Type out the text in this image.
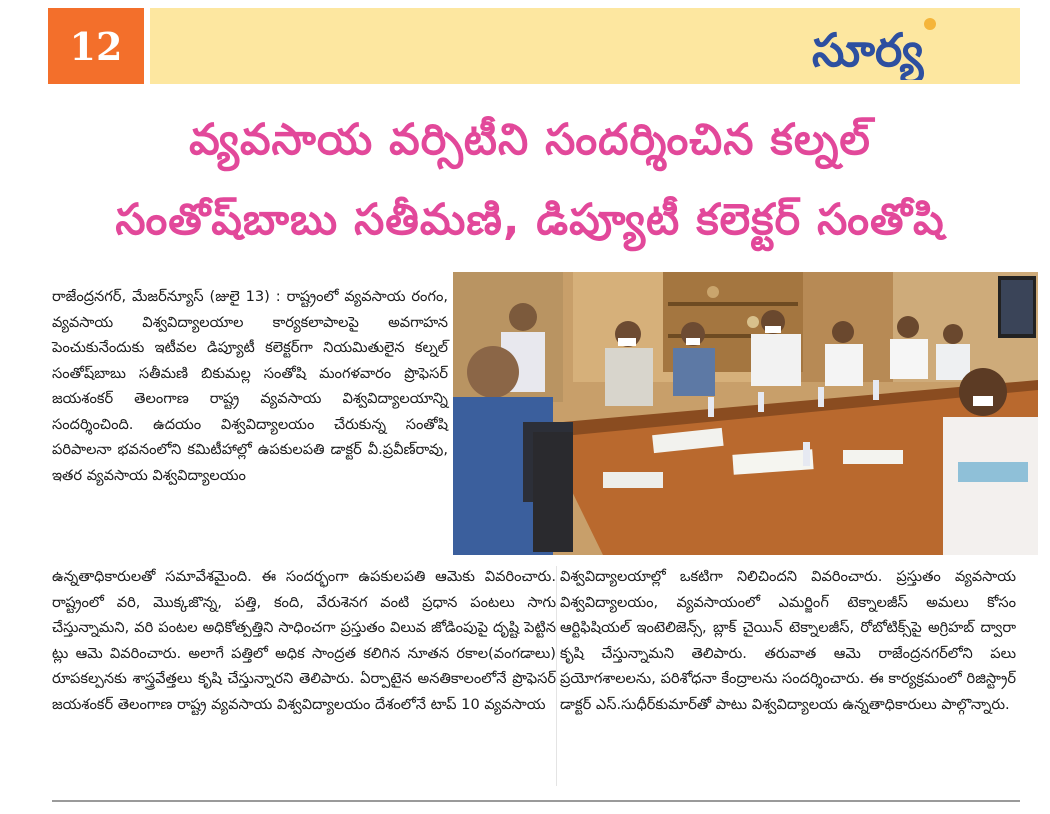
12	సూర్య
వ్యవసాయ వర్సిటీని సందర్శించిన కల్నల్
సంతోష్‌బాబు సతీమణి, డిప్యూటీ కలెక్టర్ సంతోషి
రాజేంద్రనగర్, మేజర్‌న్యూస్ (జులై 13) : రాష్ట్రంలో వ్యవసాయ రంగం, వ్యవసాయ విశ్వవిద్యాలయాల కార్యకలాపాలపై అవగాహన పెంచుకునేందుకు ఇటీవల డిప్యూటీ కలెక్టర్‌గా నియమితులైన కల్నల్ సంతోష్‌బాబు సతీమణి బికుమల్ల సంతోషి మంగళవారం ప్రొఫెసర్ జయశంకర్ తెలంగాణ రాష్ట్ర వ్యవసాయ విశ్వవిద్యాలయాన్ని సందర్శించింది. ఉదయం విశ్వవిద్యాలయం చేరుకున్న సంతోషి పరిపాలనా భవనంలోని కమిటీహాల్లో ఉపకులపతి డాక్టర్ వీ.ప్రవీణ్‌రావు, ఇతర వ్యవసాయ విశ్వవిద్యాలయం
ఉన్నతాధికారులతో సమావేశమైంది. ఈ సందర్భంగా ఉపకులపతి ఆమెకు వివరించారు. రాష్ట్రంలో వరి, మొక్కజొన్న, పత్తి, కంది, వేరుశెనగ వంటి ప్రధాన పంటలు సాగు చేస్తున్నామని, వరి పంటల అధికోత్పత్తిని సాధించగా ప్రస్తుతం విలువ జోడింపుపై దృష్టి పెట్టిన ట్లు ఆమె వివరించారు. అలాగే పత్తిలో అధిక సాంద్రత కలిగిన నూతన రకాల(వంగడాలు) రూపకల్పనకు శాస్త్రవేత్తలు కృషి చేస్తున్నారని తెలిపారు. ఏర్పాటైన అనతికాలంలోనే ప్రొఫెసర్ జయశంకర్ తెలంగాణ రాష్ట్ర వ్యవసాయ విశ్వవిద్యాలయం దేశంలోనే టాప్ 10 వ్యవసాయ
విశ్వవిద్యాలయాల్లో ఒకటిగా నిలిచిందని వివరించారు. ప్రస్తుతం వ్యవసాయ విశ్వవిద్యాలయం, వ్యవసాయంలో ఎమర్జింగ్ టెక్నాలజీస్ అమలు కోసం ఆర్టిఫిషియల్ ఇంటెలిజెన్స్, బ్లాక్ చైయిన్ టెక్నాలజీస్, రోబోటిక్స్‌పై అగ్రిహబ్ ద్వారా కృషి చేస్తున్నామని తెలిపారు. తరువాత ఆమె రాజేంద్రనగర్‌లోని పలు ప్రయోగశాలలను, పరిశోధనా కేంద్రాలను సందర్శించారు. ఈ కార్యక్రమంలో రిజిస్ట్రార్ డాక్టర్ ఎస్.సుధీర్‌కుమార్‌తో పాటు విశ్వవిద్యాలయ ఉన్నతాధికారులు పాల్గొన్నారు.
